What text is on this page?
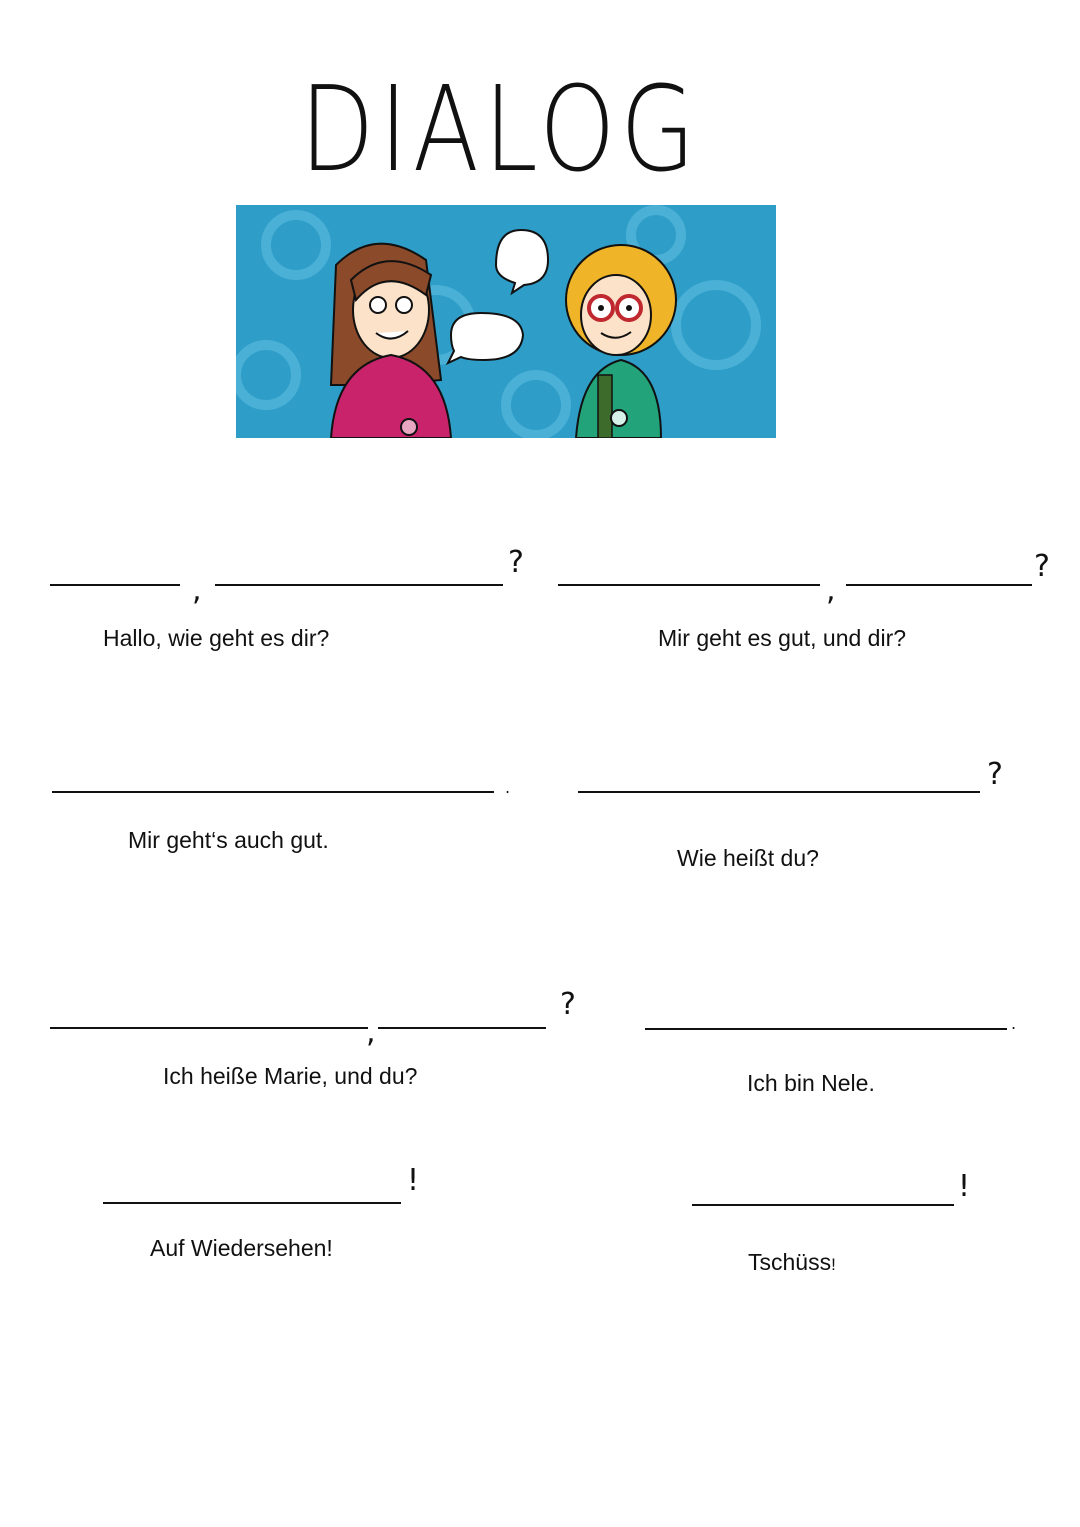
DIALOG
,
?
Hallo, wie geht es dir?
,
?
Mir geht es gut, und dir?
.
Mir geht‘s auch gut.
?
Wie heißt du?
,
?
Ich heiße Marie, und du?
.
Ich bin Nele.
!
Auf Wiedersehen!
!
Tschüss!
